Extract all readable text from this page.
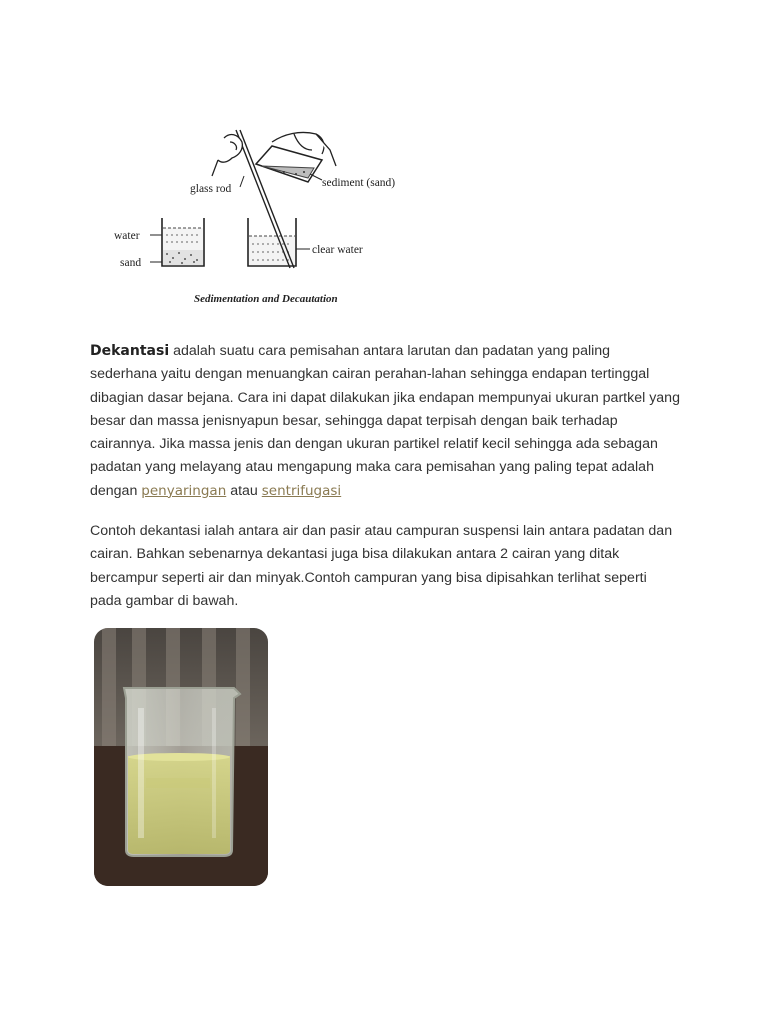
glass rod	sediment (sand)
water
sand
clear water
Sedimentation and Decautation

Dekantasi adalah suatu cara pemisahan antara larutan dan padatan yang paling sederhana yaitu dengan menuangkan cairan perahan-lahan sehingga endapan tertinggal dibagian dasar bejana. Cara ini dapat dilakukan jika endapan mempunyai ukuran partkel yang besar dan massa jenisnyapun besar, sehingga dapat terpisah dengan baik terhadap cairannya. Jika massa jenis dan dengan ukuran partikel relatif kecil sehingga ada sebagan padatan yang melayang atau mengapung maka cara pemisahan yang paling tepat adalah dengan penyaringan atau sentrifugasi

Contoh dekantasi ialah antara air dan pasir atau campuran suspensi lain antara padatan dan cairan. Bahkan sebenarnya dekantasi juga bisa dilakukan antara 2 cairan yang ditak bercampur seperti air dan minyak.Contoh campuran yang bisa dipisahkan terlihat seperti pada gambar di bawah.
